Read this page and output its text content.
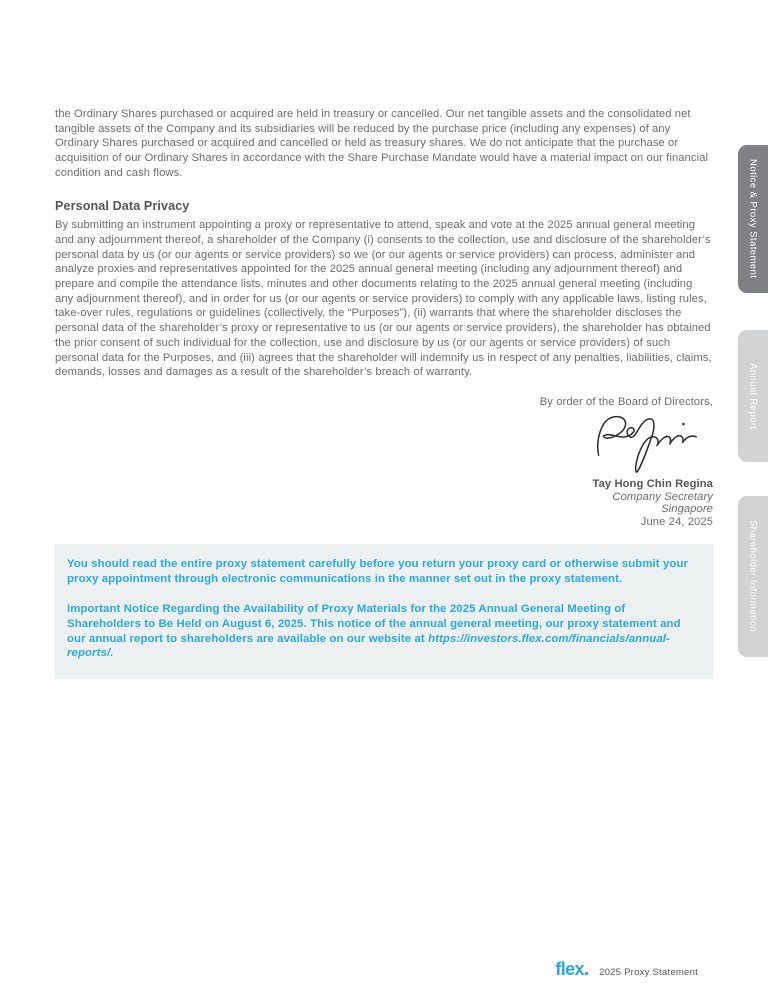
the Ordinary Shares purchased or acquired are held in treasury or cancelled. Our net tangible assets and the consolidated net tangible assets of the Company and its subsidiaries will be reduced by the purchase price (including any expenses) of any Ordinary Shares purchased or acquired and cancelled or held as treasury shares. We do not anticipate that the purchase or acquisition of our Ordinary Shares in accordance with the Share Purchase Mandate would have a material impact on our financial condition and cash flows.

Personal Data Privacy

By submitting an instrument appointing a proxy or representative to attend, speak and vote at the 2025 annual general meeting and any adjournment thereof, a shareholder of the Company (i) consents to the collection, use and disclosure of the shareholder’s personal data by us (or our agents or service providers) so we (or our agents or service providers) can process, administer and analyze proxies and representatives appointed for the 2025 annual general meeting (including any adjournment thereof) and prepare and compile the attendance lists, minutes and other documents relating to the 2025 annual general meeting (including any adjournment thereof), and in order for us (or our agents or service providers) to comply with any applicable laws, listing rules, take-over rules, regulations or guidelines (collectively, the “Purposes”), (ii) warrants that where the shareholder discloses the personal data of the shareholder’s proxy or representative to us (or our agents or service providers), the shareholder has obtained the prior consent of such individual for the collection, use and disclosure by us (or our agents or service providers) of such personal data for the Purposes, and (iii) agrees that the shareholder will indemnify us in respect of any penalties, liabilities, claims, demands, losses and damages as a result of the shareholder’s breach of warranty.

By order of the Board of Directors,

Tay Hong Chin Regina
Company Secretary
Singapore
June 24, 2025

You should read the entire proxy statement carefully before you return your proxy card or otherwise submit your proxy appointment through electronic communications in the manner set out in the proxy statement.

Important Notice Regarding the Availability of Proxy Materials for the 2025 Annual General Meeting of Shareholders to Be Held on August 6, 2025. This notice of the annual general meeting, our proxy statement and our annual report to shareholders are available on our website at https://investors.flex.com/financials/annual-reports/.

flex	2025 Proxy Statement
Notice & Proxy Statement
Annual Report
Shareholder Information
